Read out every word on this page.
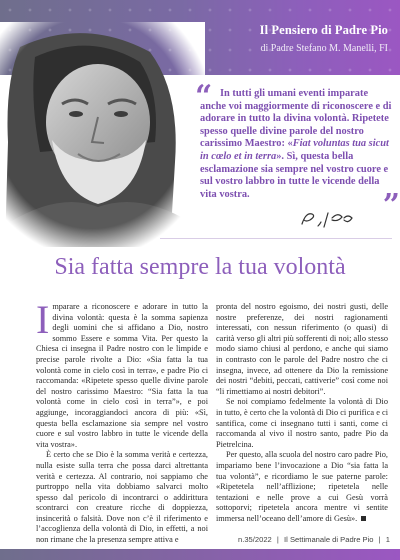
Il Pensiero di Padre Pio

di Padre Stefano M. Manelli, FI

“ In tutti gli umani eventi imparate anche voi maggiormente di riconoscere e di adorare in tutto la divina volontà. Ripetete spesso quelle divine parole del nostro carissimo Maestro: «Fiat voluntas tua sicut in cœlo et in terra». Sì, questa bella esclamazione sia sempre nel vostro cuore e sul vostro labbro in tutte le vicende della vita vostra.	”
Sia fatta sempre la tua volontà

Imparare a riconoscere e adorare in tutto la divina volontà: questa è la somma sapienza degli uomini che si affidano a Dio, nostro sommo Essere e somma Vita. Per questo la Chiesa ci insegna il Padre nostro con le limpide e precise parole rivolte a Dio: «Sia fatta la tua volontà come in cielo così in terra», e padre Pio ci raccomanda: «Ripetete spesso quelle divine parole del nostro carissimo Maestro: “Sia fatta la tua volontà come in cielo così in terra”», e poi aggiunge, incoraggiandoci ancora di più: «Sì, questa bella esclamazione sia sempre nel vostro cuore e sul vostro labbro in tutte le vicende della vita vostra».

È certo che se Dio è la somma verità e certezza, nulla esiste sulla terra che possa darci altrettanta verità e certezza. Al contrario, noi sappiamo che purtroppo nella vita dobbiamo salvarci molto spesso dal pericolo di incontrarci o addirittura scontrarci con creature ricche di doppiezza, insincerità o falsità. Dove non c’è il riferimento e l’accoglienza della volontà di Dio, in effetti, a noi non rimane che la presenza sempre attiva e

pronta del nostro egoismo, dei nostri gusti, delle nostre preferenze, dei nostri ragionamenti interessati, con nessun riferimento (o quasi) di carità verso gli altri più sofferenti di noi; allo stesso modo siamo chiusi al perdono, e anche qui siamo in contrasto con le parole del Padre nostro che ci insegna, invece, ad ottenere da Dio la remissione dei nostri “debiti, peccati, cattiverie” così come noi “li rimettiamo ai nostri debitori”.

Se noi compiamo fedelmente la volontà di Dio in tutto, è certo che la volontà di Dio ci purifica e ci santifica, come ci insegnano tutti i santi, come ci raccomanda al vivo il nostro santo, padre Pio da Pietrelcina.

Per questo, alla scuola del nostro caro padre Pio, impariamo bene l’invocazione a Dio “sia fatta la tua volontà”, e ricordiamo le sue paterne parole: «Ripetetela nell’afflizione; ripetetela nelle tentazioni e nelle prove a cui Gesù vorrà sottoporvi; ripetetela ancora mentre vi sentite immersa nell’oceano dell’amore di Gesù».

n.35/2022 | Il Settimanale di Padre Pio | 1
